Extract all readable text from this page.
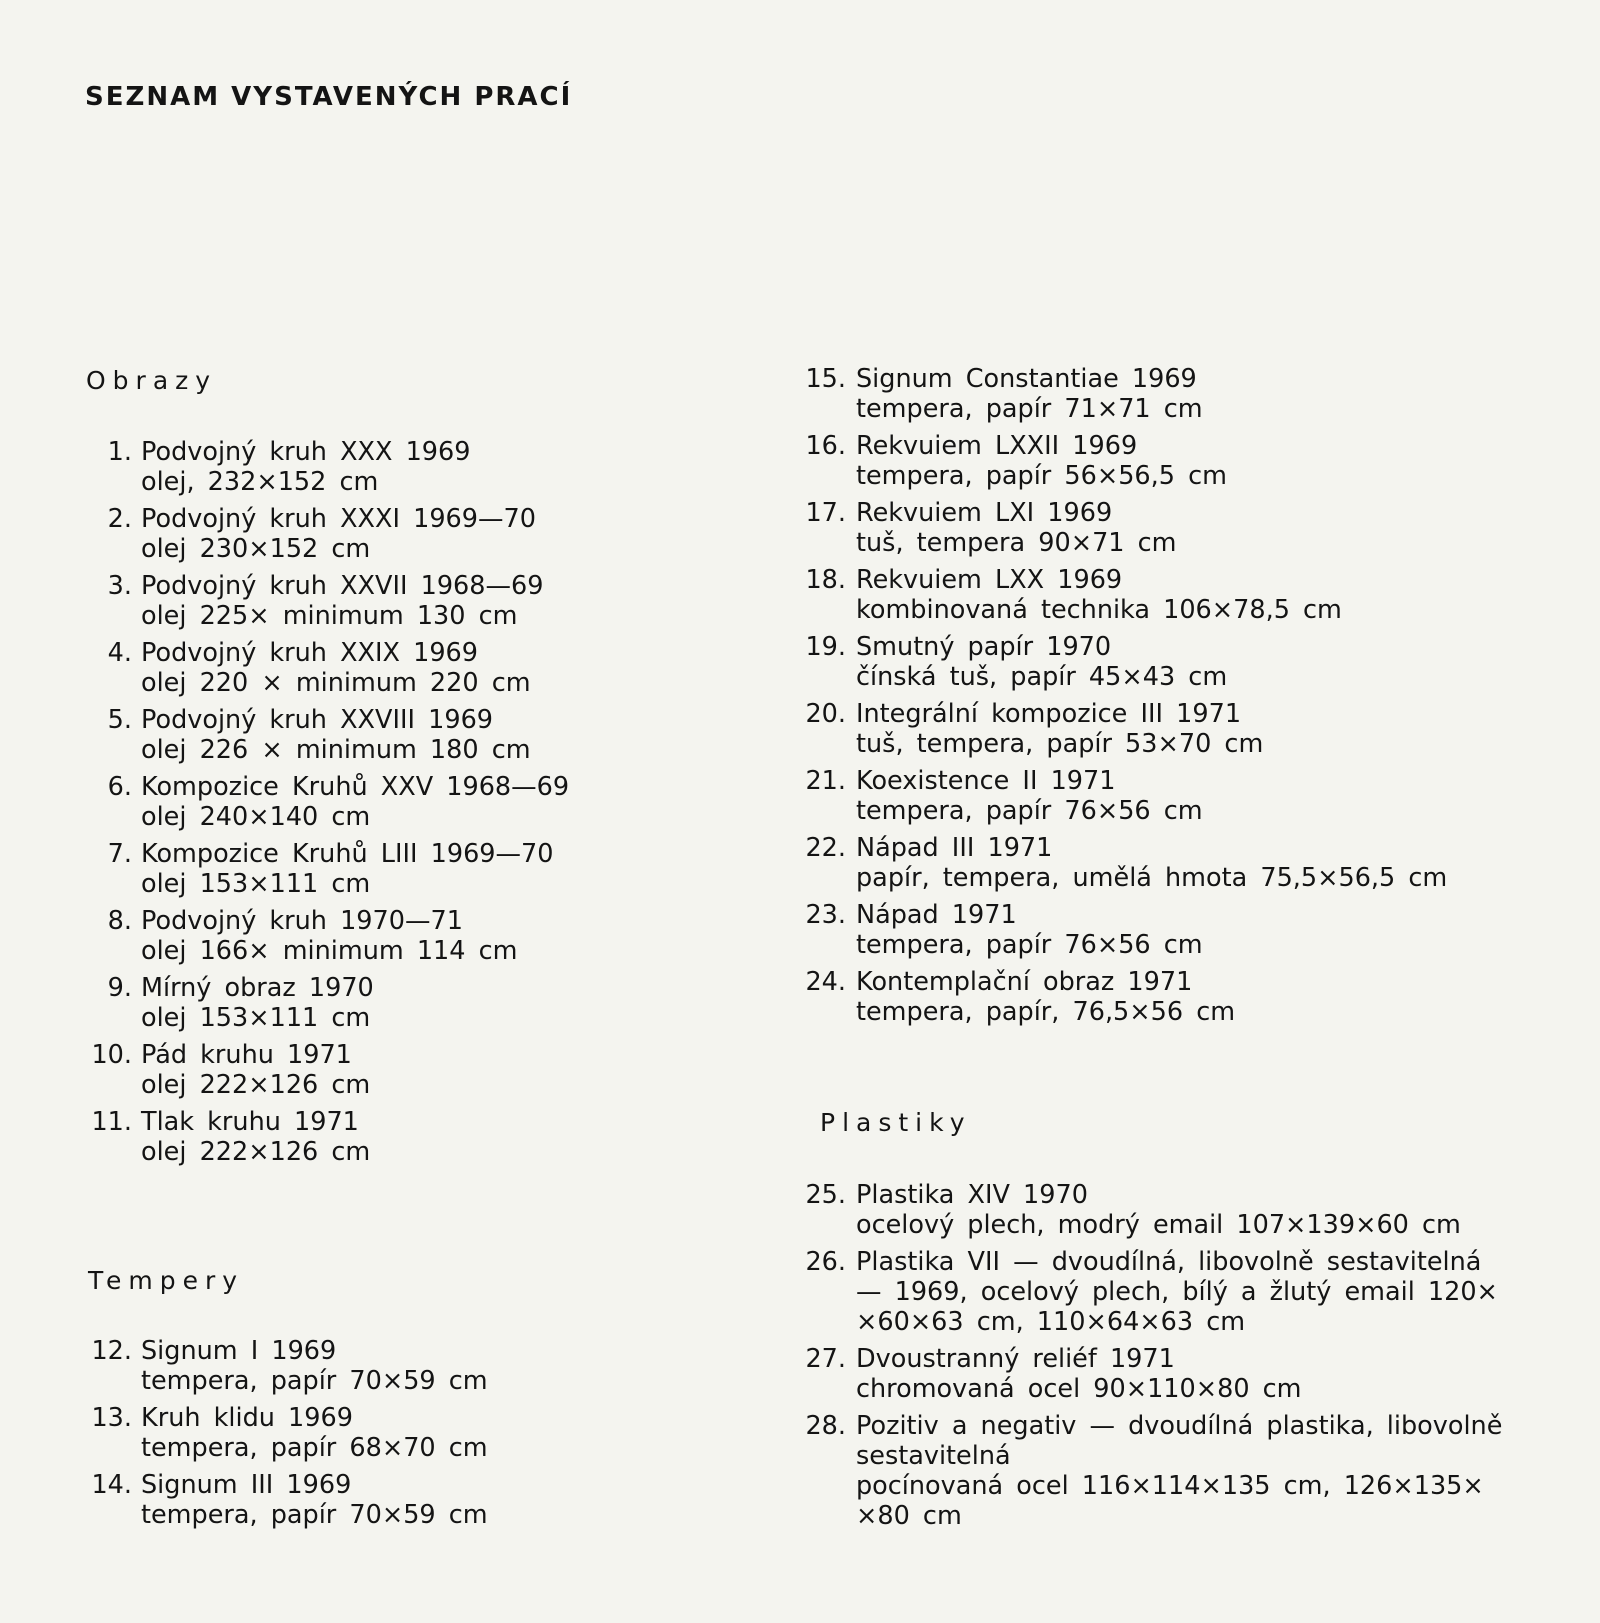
SEZNAM VYSTAVENÝCH PRACÍ
Obrazy
1. Podvojný kruh XXX 1969
olej, 232×152 cm
2. Podvojný kruh XXXI 1969—70
olej 230×152 cm
3. Podvojný kruh XXVII 1968—69
olej 225× minimum 130 cm
4. Podvojný kruh XXIX 1969
olej 220 × minimum 220 cm
5. Podvojný kruh XXVIII 1969
olej 226 × minimum 180 cm
6. Kompozice Kruhů XXV 1968—69
olej 240×140 cm
7. Kompozice Kruhů LIII 1969—70
olej 153×111 cm
8. Podvojný kruh 1970—71
olej 166× minimum 114 cm
9. Mírný obraz 1970
olej 153×111 cm
10. Pád kruhu 1971
olej 222×126 cm
11. Tlak kruhu 1971
olej 222×126 cm
Tempery
12. Signum I 1969
tempera, papír 70×59 cm
13. Kruh klidu 1969
tempera, papír 68×70 cm
14. Signum III 1969
tempera, papír 70×59 cm
15. Signum Constantiae 1969
tempera, papír 71×71 cm
16. Rekvuiem LXXII 1969
tempera, papír 56×56,5 cm
17. Rekvuiem LXI 1969
tuš, tempera 90×71 cm
18. Rekvuiem LXX 1969
kombinovaná technika 106×78,5 cm
19. Smutný papír 1970
čínská tuš, papír 45×43 cm
20. Integrální kompozice III 1971
tuš, tempera, papír 53×70 cm
21. Koexistence II 1971
tempera, papír 76×56 cm
22. Nápad III 1971
papír, tempera, umělá hmota 75,5×56,5 cm
23. Nápad 1971
tempera, papír 76×56 cm
24. Kontemplační obraz 1971
tempera, papír, 76,5×56 cm
Plastiky
25. Plastika XIV 1970
ocelový plech, modrý email 107×139×60 cm
26. Plastika VII — dvoudílná, libovolně sestavitelná
— 1969, ocelový plech, bílý a žlutý email 120×
×60×63 cm, 110×64×63 cm
27. Dvoustranný reliéf 1971
chromovaná ocel 90×110×80 cm
28. Pozitiv a negativ — dvoudílná plastika, libovolně
sestavitelná
pocínovaná ocel 116×114×135 cm, 126×135×
×80 cm
